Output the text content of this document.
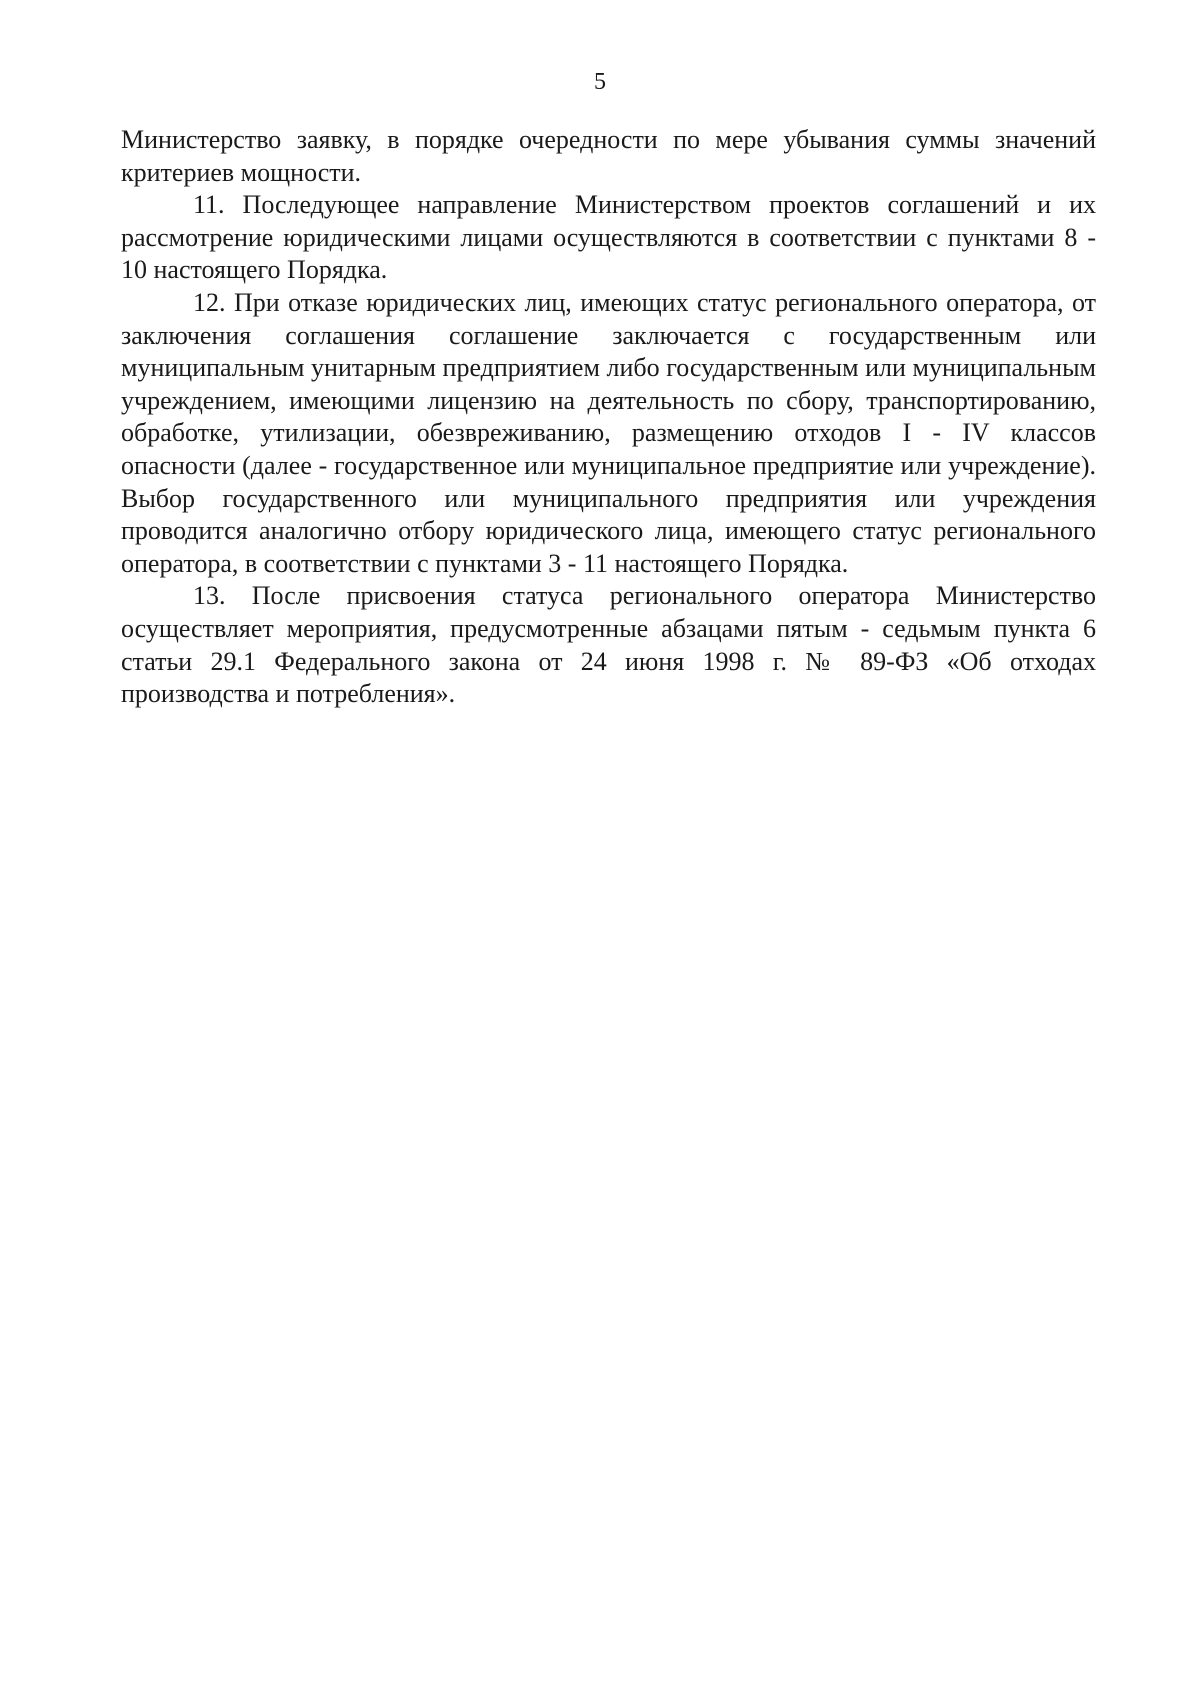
5

Министерство заявку, в порядке очередности по мере убывания суммы значений критериев мощности.

11. Последующее направление Министерством проектов соглашений и их рассмотрение юридическими лицами осуществляются в соответствии с пунктами 8 - 10 настоящего Порядка.

12. При отказе юридических лиц, имеющих статус регионального оператора, от заключения соглашения соглашение заключается с государственным или муниципальным унитарным предприятием либо государственным или муниципальным учреждением, имеющими лицензию на деятельность по сбору, транспортированию, обработке, утилизации, обезвреживанию, размещению отходов I - IV классов опасности (далее - государственное или муниципальное предприятие или учреждение). Выбор государственного или муниципального предприятия или учреждения проводится аналогично отбору юридического лица, имеющего статус регионального оператора, в соответствии с пунктами 3 - 11 настоящего Порядка.

13. После присвоения статуса регионального оператора Министерство осуществляет мероприятия, предусмотренные абзацами пятым - седьмым пункта 6 статьи 29.1 Федерального закона от 24 июня 1998 г. № 89-ФЗ «Об отходах производства и потребления».
